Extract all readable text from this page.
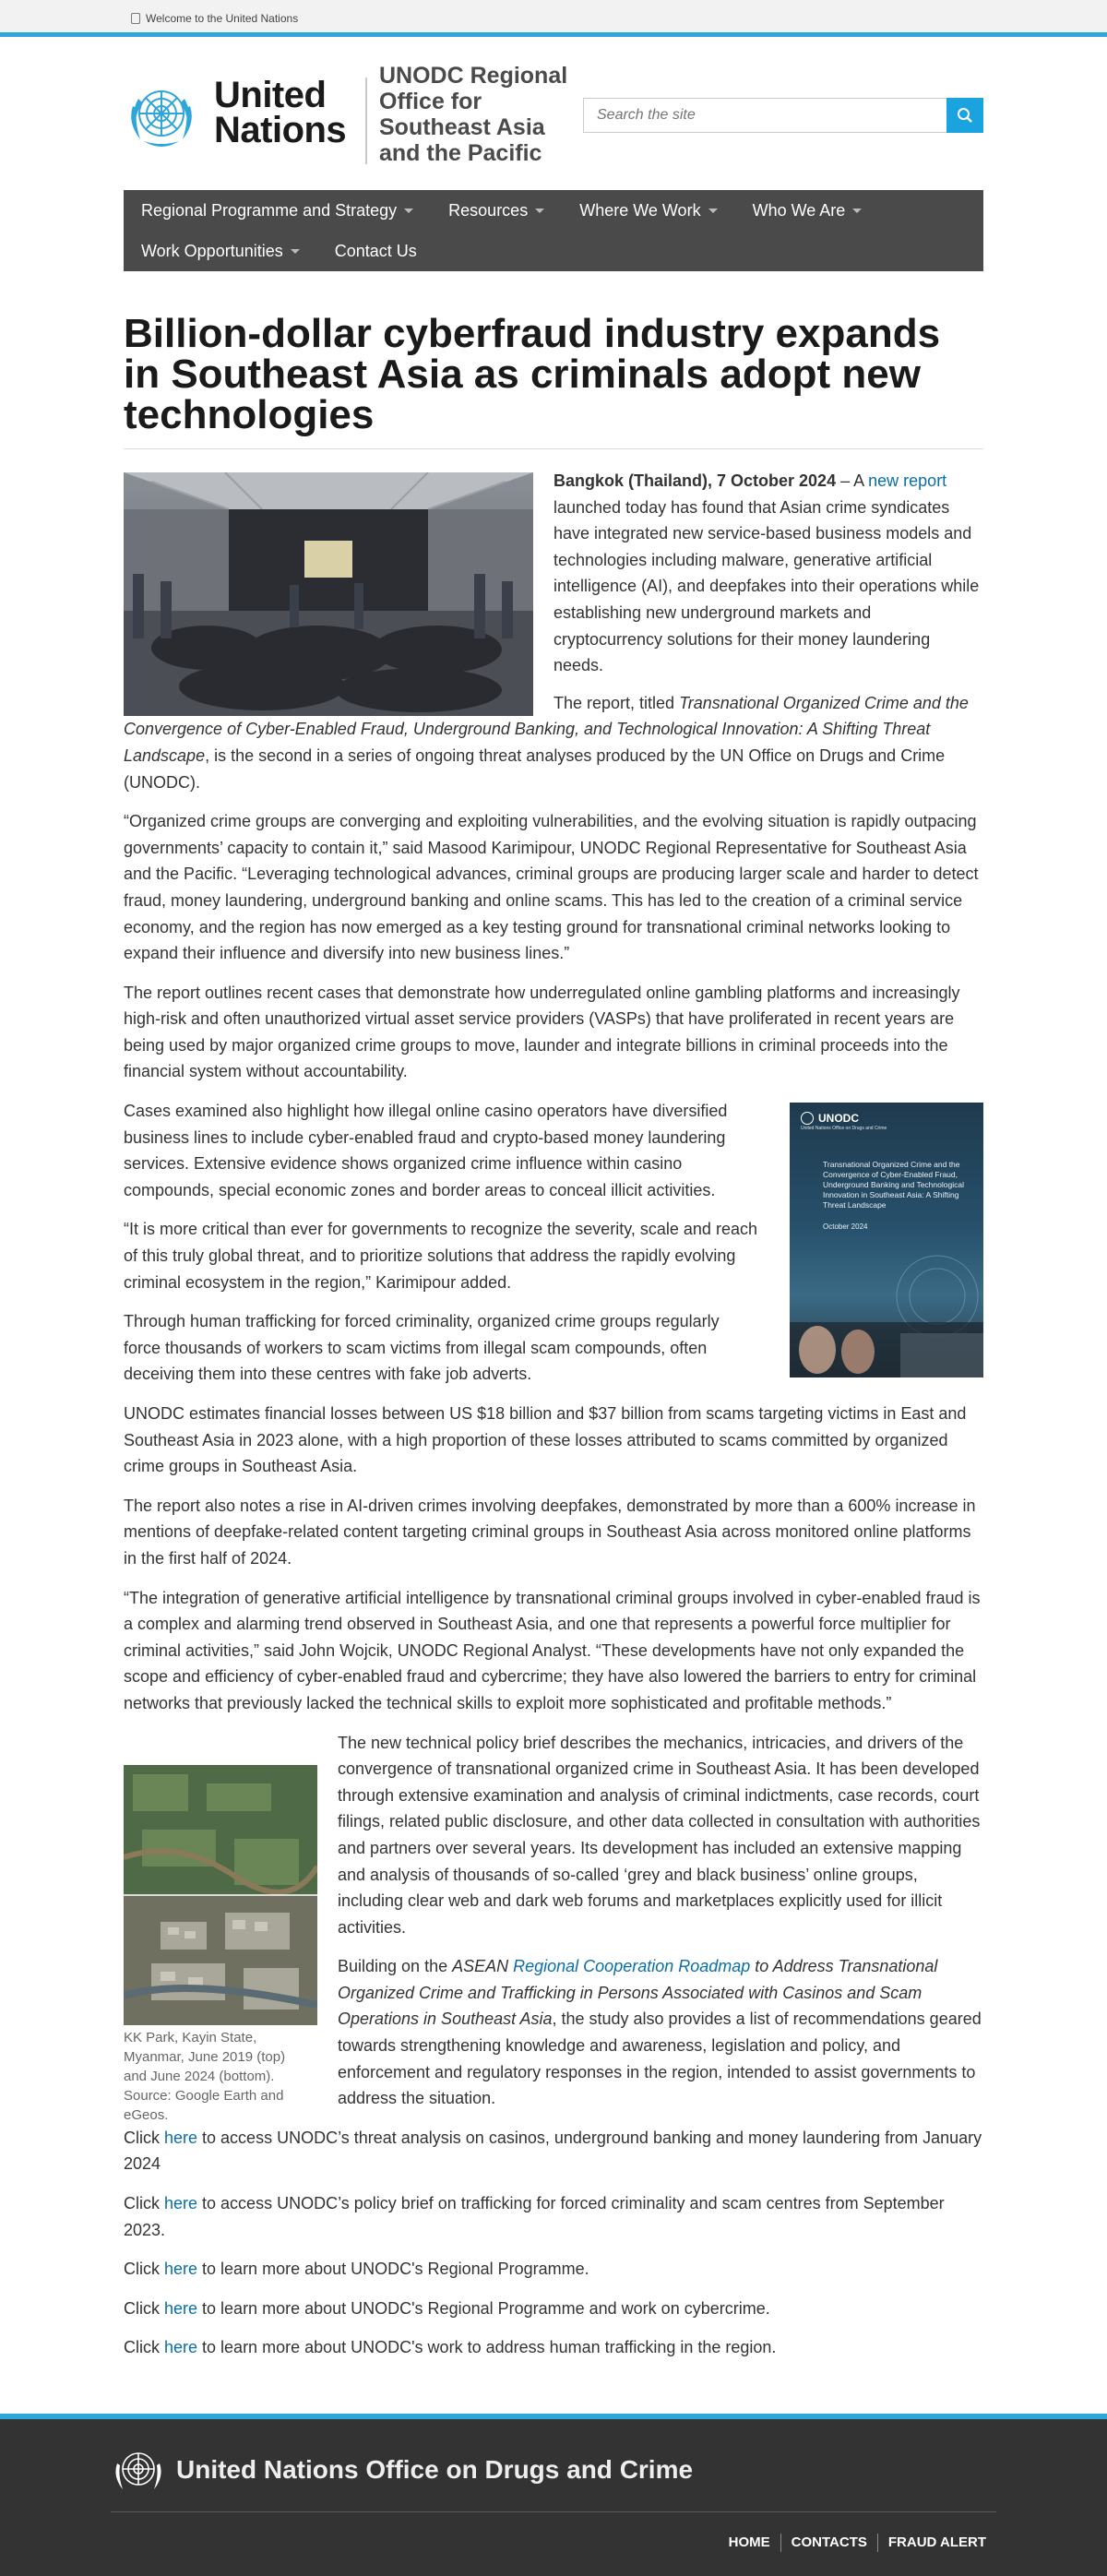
Welcome to the United Nations
United
Nations
UNODC Regional
Office for
Southeast Asia
and the Pacific
Search the site
Regional Programme and Strategy	Resources	Where We Work	Who We Are
Work Opportunities	Contact Us
Billion-dollar cyberfraud industry expands in Southeast Asia as criminals adopt new technologies

Bangkok (Thailand), 7 October 2024 – A new report launched today has found that Asian crime syndicates have integrated new service-based business models and technologies including malware, generative artificial intelligence (AI), and deepfakes into their operations while establishing new underground markets and cryptocurrency solutions for their money laundering needs.

The report, titled Transnational Organized Crime and the Convergence of Cyber-Enabled Fraud, Underground Banking, and Technological Innovation: A Shifting Threat Landscape, is the second in a series of ongoing threat analyses produced by the UN Office on Drugs and Crime (UNODC).

“Organized crime groups are converging and exploiting vulnerabilities, and the evolving situation is rapidly outpacing governments’ capacity to contain it,” said Masood Karimipour, UNODC Regional Representative for Southeast Asia and the Pacific. “Leveraging technological advances, criminal groups are producing larger scale and harder to detect fraud, money laundering, underground banking and online scams. This has led to the creation of a criminal service economy, and the region has now emerged as a key testing ground for transnational criminal networks looking to expand their influence and diversify into new business lines.”

The report outlines recent cases that demonstrate how underregulated online gambling platforms and increasingly high-risk and often unauthorized virtual asset service providers (VASPs) that have proliferated in recent years are being used by major organized crime groups to move, launder and integrate billions in criminal proceeds into the financial system without accountability.

Cases examined also highlight how illegal online casino operators have diversified business lines to include cyber-enabled fraud and crypto-based money laundering services. Extensive evidence shows organized crime influence within casino compounds, special economic zones and border areas to conceal illicit activities.

“It is more critical than ever for governments to recognize the severity, scale and reach of this truly global threat, and to prioritize solutions that address the rapidly evolving criminal ecosystem in the region,” Karimipour added.

Through human trafficking for forced criminality, organized crime groups regularly force thousands of workers to scam victims from illegal scam compounds, often deceiving them into these centres with fake job adverts.

UNODC estimates financial losses between US $18 billion and $37 billion from scams targeting victims in East and Southeast Asia in 2023 alone, with a high proportion of these losses attributed to scams committed by organized crime groups in Southeast Asia.

The report also notes a rise in AI-driven crimes involving deepfakes, demonstrated by more than a 600% increase in mentions of deepfake-related content targeting criminal groups in Southeast Asia across monitored online platforms in the first half of 2024.

“The integration of generative artificial intelligence by transnational criminal groups involved in cyber-enabled fraud is a complex and alarming trend observed in Southeast Asia, and one that represents a powerful force multiplier for criminal activities,” said John Wojcik, UNODC Regional Analyst. “These developments have not only expanded the scope and efficiency of cyber-enabled fraud and cybercrime; they have also lowered the barriers to entry for criminal networks that previously lacked the technical skills to exploit more sophisticated and profitable methods.”

The new technical policy brief describes the mechanics, intricacies, and drivers of the convergence of transnational organized crime in Southeast Asia. It has been developed through extensive examination and analysis of criminal indictments, case records, court filings, related public disclosure, and other data collected in consultation with authorities and partners over several years. Its development has included an extensive mapping and analysis of thousands of so-called ‘grey and black business’ online groups, including clear web and dark web forums and marketplaces explicitly used for illicit activities.

Building on the ASEAN Regional Cooperation Roadmap to Address Transnational Organized Crime and Trafficking in Persons Associated with Casinos and Scam Operations in Southeast Asia, the study also provides a list of recommendations geared towards strengthening knowledge and awareness, legislation and policy, and enforcement and regulatory responses in the region, intended to assist governments to address the situation.

Click here to access UNODC’s threat analysis on casinos, underground banking and money laundering from January 2024

Click here to access UNODC’s policy brief on trafficking for forced criminality and scam centres from September 2023.

Click here to learn more about UNODC's Regional Programme.

Click here to learn more about UNODC's Regional Programme and work on cybercrime.

Click here to learn more about UNODC's work to address human trafficking in the region.

UNODC
United Nations Office on Drugs and Crime
Transnational Organized Crime and the Convergence of Cyber-Enabled Fraud, Underground Banking and Technological Innovation in Southeast Asia: A Shifting Threat Landscape
October 2024
KK Park, Kayin State, Myanmar, June 2019 (top) and June 2024 (bottom). Source: Google Earth and eGeos.
United Nations Office on Drugs and Crime
HOME	CONTACTS	FRAUD ALERT
